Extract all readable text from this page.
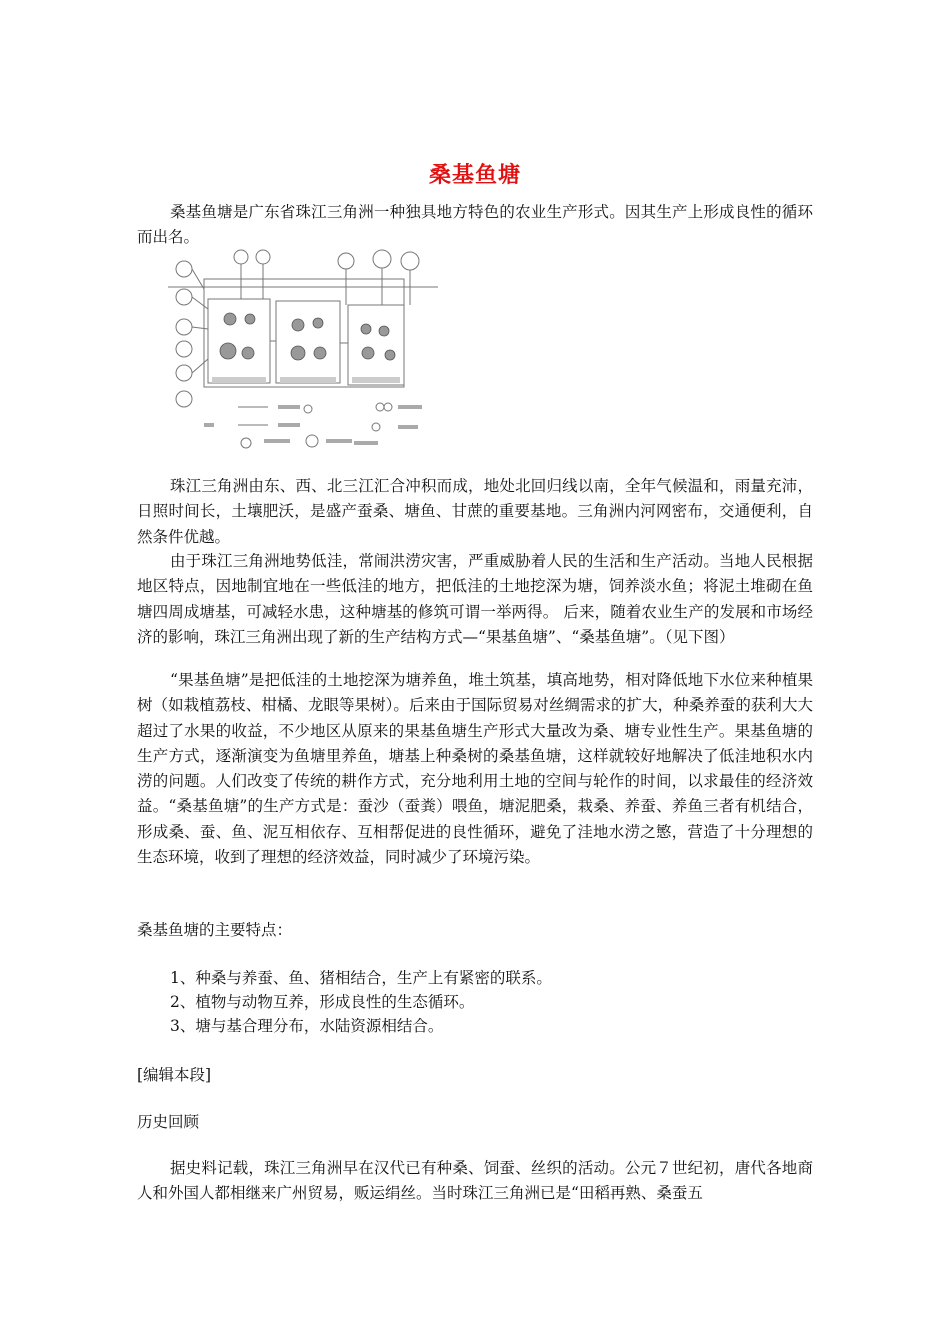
桑基鱼塘

桑基鱼塘是广东省珠江三角洲一种独具地方特色的农业生产形式。因其生产上形成良性的循环而出名。

珠江三角洲由东、西、北三江汇合冲积而成，地处北回归线以南，全年气候温和，雨量充沛，日照时间长，土壤肥沃，是盛产蚕桑、塘鱼、甘蔗的重要基地。三角洲内河网密布，交通便利，自然条件优越。

由于珠江三角洲地势低洼，常闹洪涝灾害，严重威胁着人民的生活和生产活动。当地人民根据地区特点，因地制宜地在一些低洼的地方，把低洼的土地挖深为塘，饲养淡水鱼；将泥土堆砌在鱼塘四周成塘基，可减轻水患，这种塘基的修筑可谓一举两得。 后来，随着农业生产的发展和市场经济的影响，珠江三角洲出现了新的生产结构方式—“果基鱼塘”、“桑基鱼塘”。（见下图）

“果基鱼塘”是把低洼的土地挖深为塘养鱼，堆土筑基，填高地势，相对降低地下水位来种植果树（如栽植荔枝、柑橘、龙眼等果树）。后来由于国际贸易对丝绸需求的扩大，种桑养蚕的获利大大超过了水果的收益，不少地区从原来的果基鱼塘生产形式大量改为桑、塘专业性生产。果基鱼塘的生产方式，逐渐演变为鱼塘里养鱼，塘基上种桑树的桑基鱼塘，这样就较好地解决了低洼地积水内涝的问题。人们改变了传统的耕作方式，充分地利用土地的空间与轮作的时间，以求最佳的经济效益。“桑基鱼塘”的生产方式是：蚕沙（蚕粪）喂鱼，塘泥肥桑，栽桑、养蚕、养鱼三者有机结合，形成桑、蚕、鱼、泥互相依存、互相帮促进的良性循环，避免了洼地水涝之慜，营造了十分理想的生态环境，收到了理想的经济效益，同时减少了环境污染。

桑基鱼塘的主要特点：
1、种桑与养蚕、鱼、猪相结合，生产上有紧密的联系。
2、植物与动物互养，形成良性的生态循环。
3、塘与基合理分布，水陆资源相结合。
[编辑本段]
历史回顾

据史料记载，珠江三角洲早在汉代已有种桑、饲蚕、丝织的活动。公元７世纪初，唐代各地商人和外国人都相继来广州贸易，贩运绢丝。当时珠江三角洲已是“田稻再熟、桑蚕五
